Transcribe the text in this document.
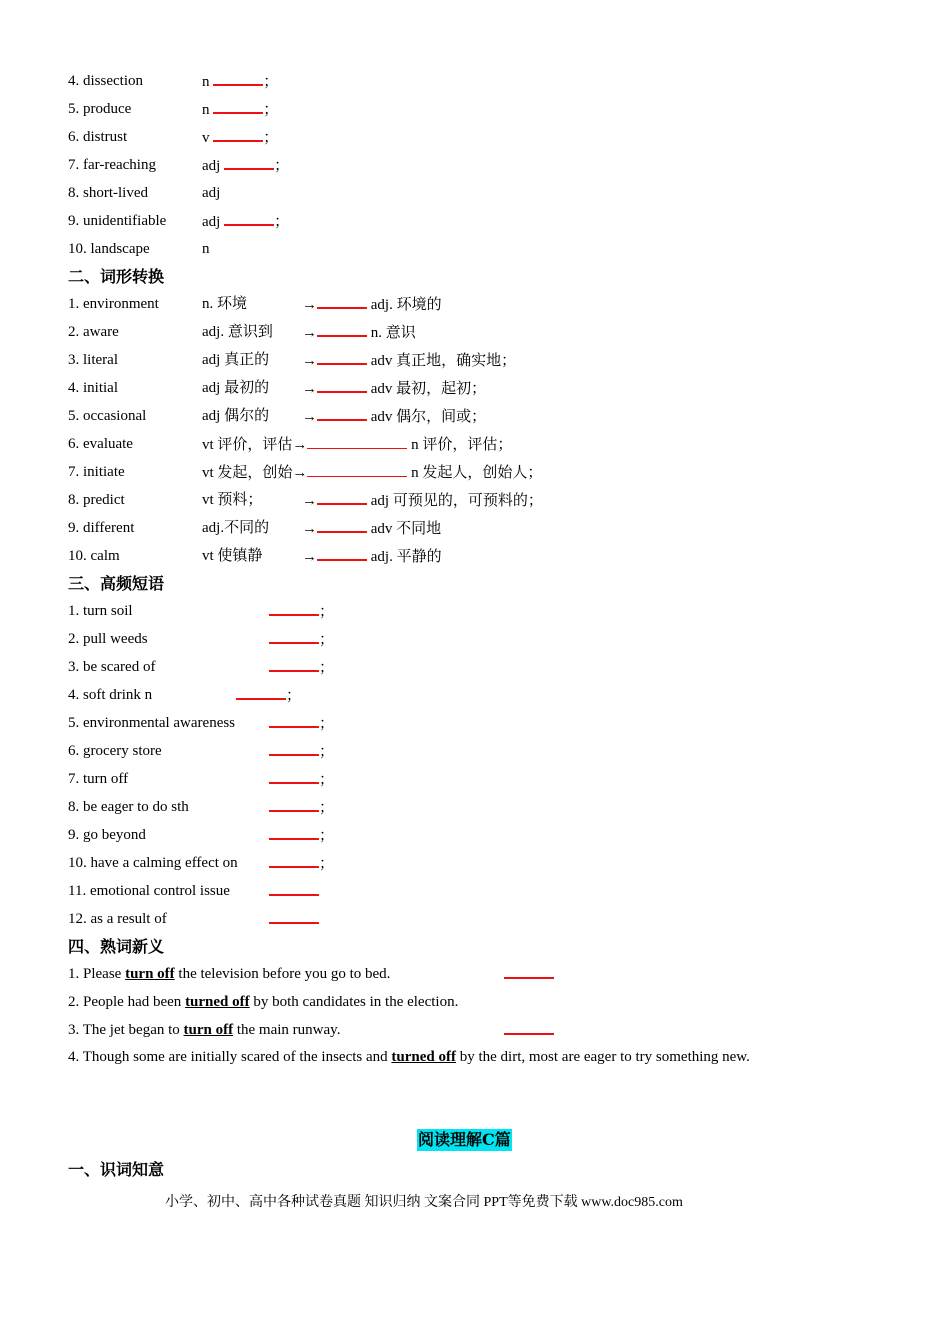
4. dissection	n	；
5. produce	n	；
6. distrust	v	；
7. far-reaching	adj	；
8. short-lived	adj
9. unidentifiable adj	；
10. landscape	n
二、词形转换
1. environment	n. 环境	→	adj. 环境的
2. aware	adj. 意识到 →	n. 意识
3. literal	adj 真正的 →	adv 真正地，确实地；
4. initial	adj 最初的 →	adv 最初，起初；
5. occasional	adj 偶尔的 →	adv 偶尔，间或；
6. evaluate	vt 评价，评估→	n 评价，评估；
7. initiate	vt 发起，创始→	n 发起人，创始人；
8. predict	vt 预料；	→	adj 可预见的，可预料的；
9. different	adj.不同的 →	adv 不同地
10. calm	vt 使镇静	→	adj. 平静的
三、高频短语
1. turn soil	；
2. pull weeds	；
3. be scared of	；
4. soft drink n	；
5. environmental awareness	；
6. grocery store	；
7. turn off	；
8. be eager to do sth	；
9. go beyond	；
10. have a calming effect on	；
11. emotional control issue
12. as a result of
四、熟词新义
1. Please turn off the television before you go to bed.
2. People had been turned off by both candidates in the election.
3. The jet began to turn off the main runway.
4. Though some are initially scared of the insects and turned off by the dirt, most are eager to try something new.
阅读理解C篇
一、识词知意
小学、初中、高中各种试卷真题 知识归纳 文案合同 PPT等免费下载 www.doc985.com
